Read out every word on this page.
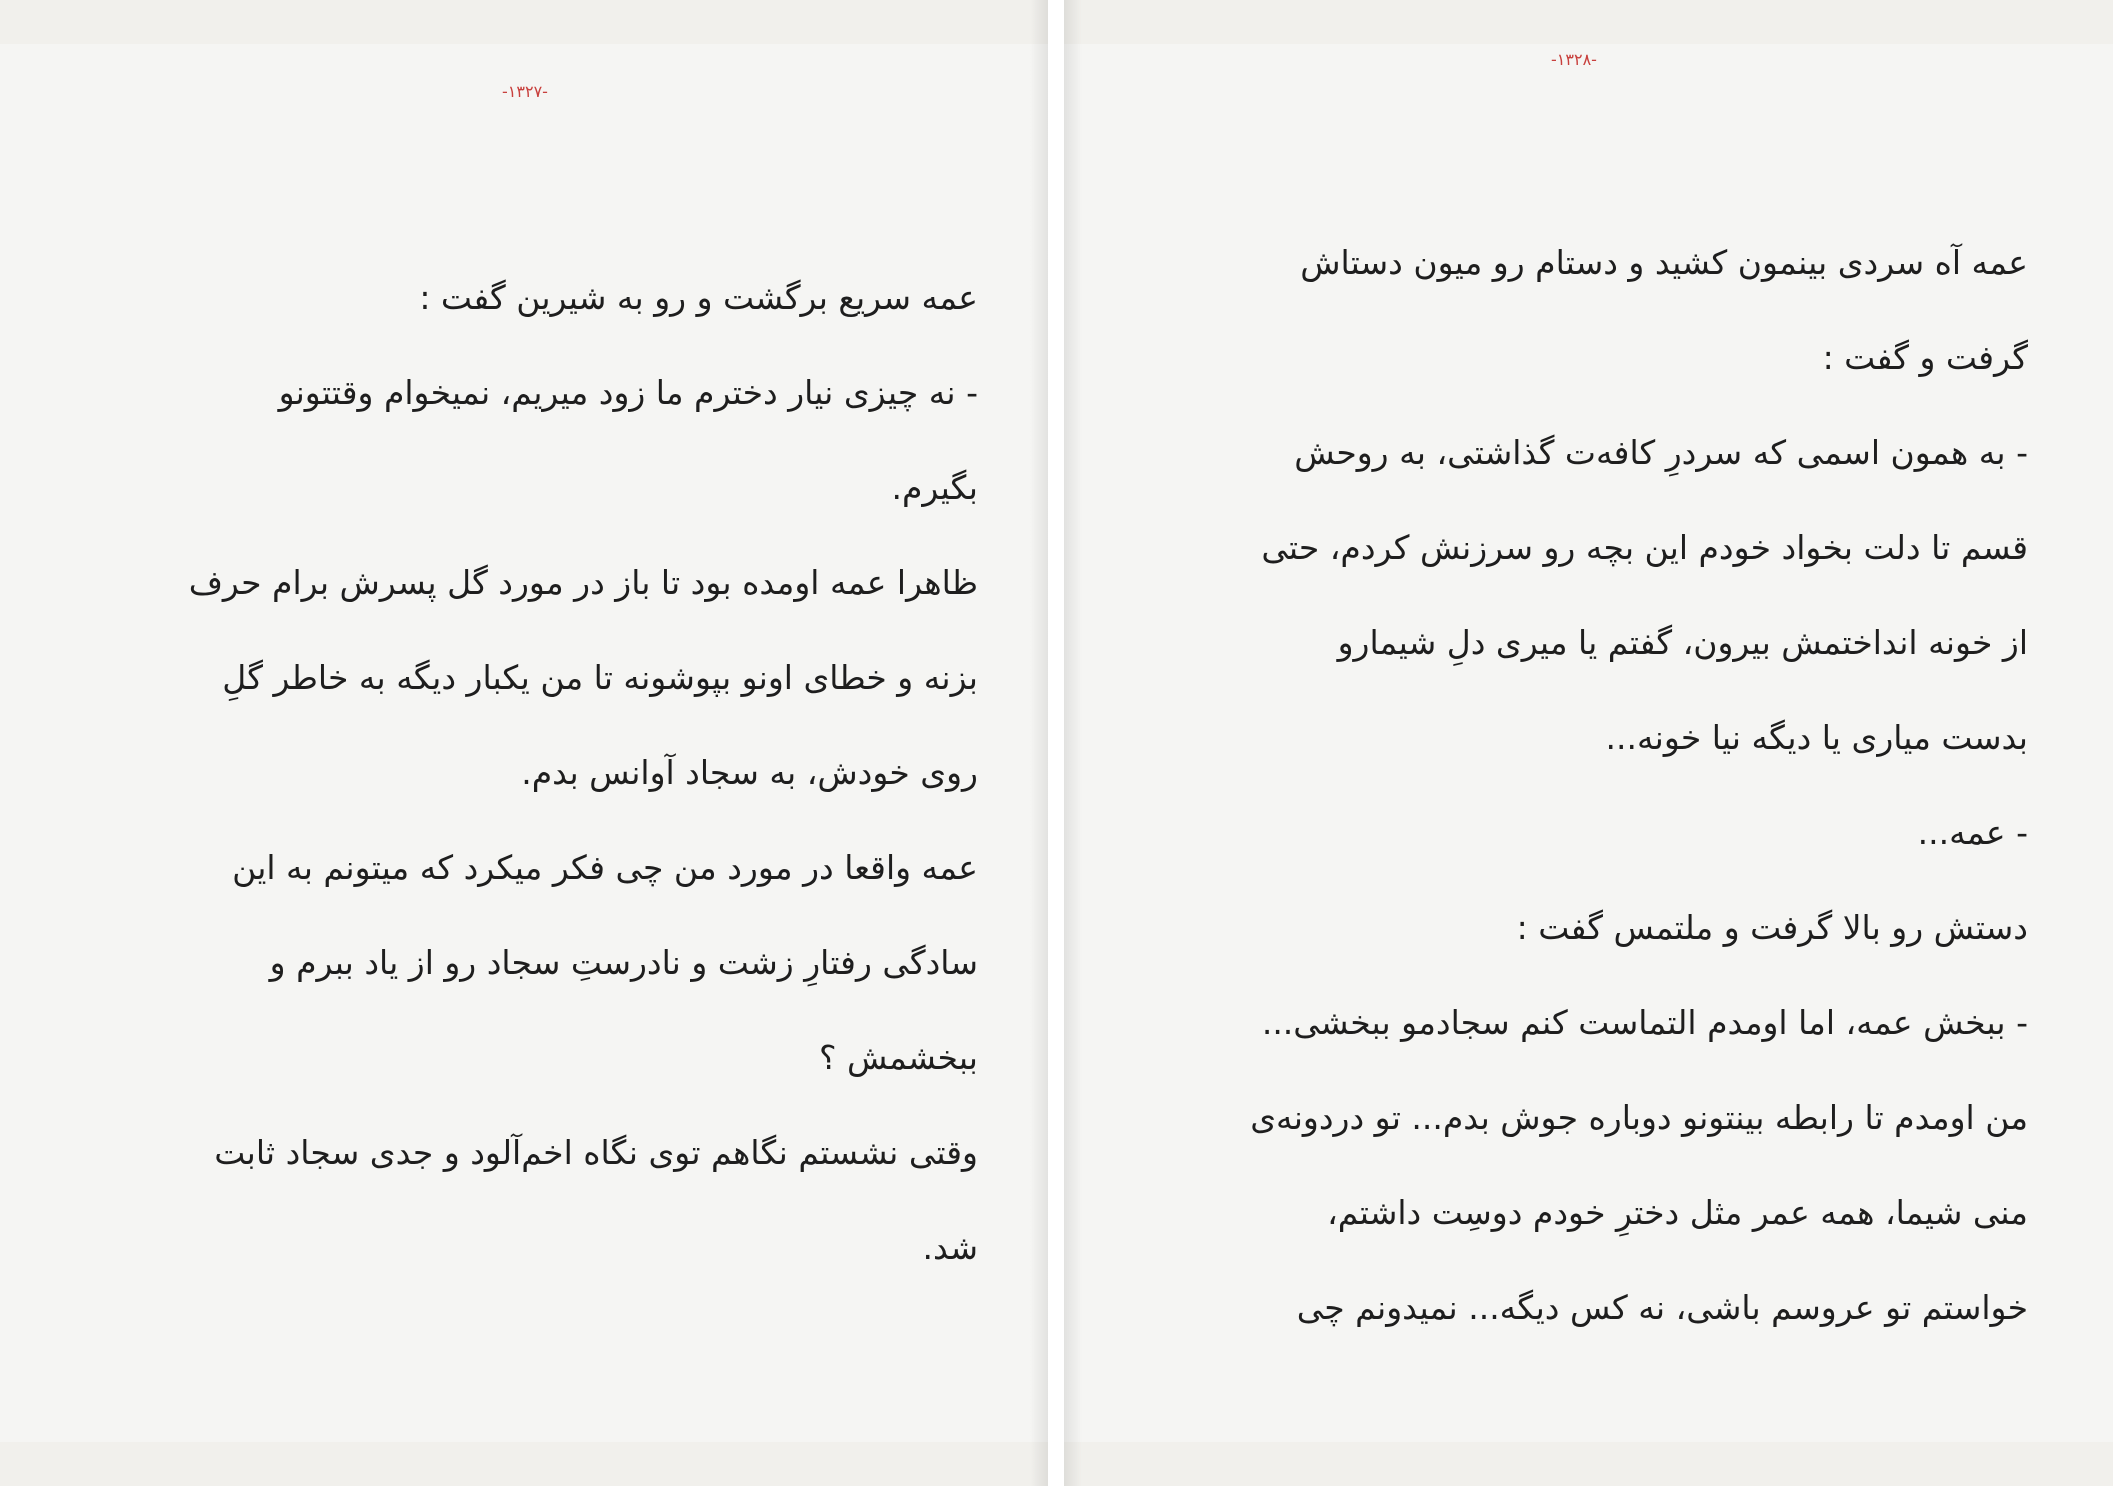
-۱۳۲۷-
عمه سریع برگشت و رو به شیرین گفت :
- نه چیزی نیار دخترم ما زود میریم، نمیخوام وقتتونو
بگیرم.
ظاهرا عمه اومده بود تا باز در مورد گل پسرش برام حرف
بزنه و خطای اونو بپوشونه تا من یکبار دیگه به خاطر گلِ
روی خودش، به سجاد آوانس بدم.
عمه واقعا در مورد من چی فکر میکرد که میتونم به این
سادگی رفتارِ زشت و نادرستِ سجاد رو از یاد ببرم و
ببخشمش ؟
وقتی نشستم نگاهم توی نگاه اخم‌آلود و جدی سجاد ثابت
شد.
-۱۳۲۸-
عمه آه سردی بینمون کشید و دستام رو میون دستاش
گرفت و گفت :
- به همون اسمی که سردرِ کافه‌ت گذاشتی، به روحش
قسم تا دلت بخواد خودم این بچه رو سرزنش کردم، حتی
از خونه انداختمش بیرون، گفتم یا میری دلِ شیمارو
بدست میاری یا دیگه نیا خونه...
- عمه...
دستش رو بالا گرفت و ملتمس گفت :
- ببخش عمه، اما اومدم التماست کنم سجادمو ببخشی...
من اومدم تا رابطه بینتونو دوباره جوش بدم... تو دردونه‌ی
منی شیما، همه عمر مثل دخترِ خودم دوسِت داشتم،
خواستم تو عروسم باشی، نه کس دیگه... نمیدونم چی
